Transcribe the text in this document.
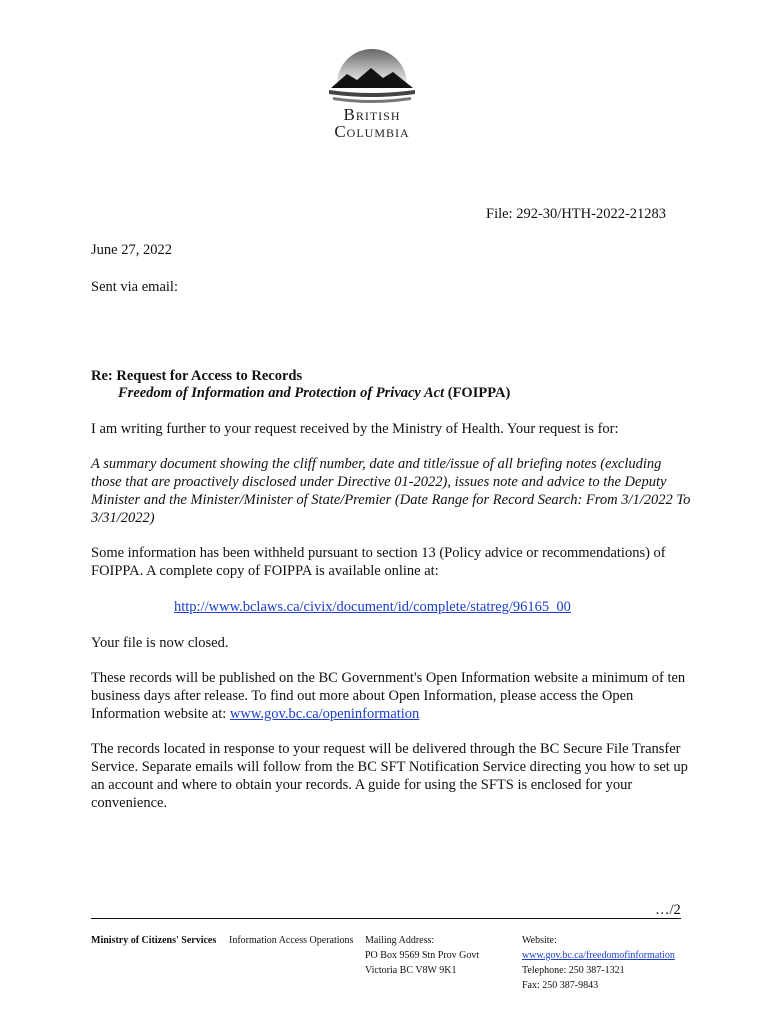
British
Columbia
File: 292-30/HTH-2022-21283
June 27, 2022
Sent via email:
Re: Request for Access to Records
Freedom of Information and Protection of Privacy Act (FOIPPA)
I am writing further to your request received by the Ministry of Health. Your request is for:
A summary document showing the cliff number, date and title/issue of all briefing notes (excluding those that are proactively disclosed under Directive 01-2022), issues note and advice to the Deputy Minister and the Minister/Minister of State/Premier (Date Range for Record Search: From 3/1/2022 To 3/31/2022)
Some information has been withheld pursuant to section 13 (Policy advice or recommendations) of FOIPPA. A complete copy of FOIPPA is available online at:
http://www.bclaws.ca/civix/document/id/complete/statreg/96165_00
Your file is now closed.
These records will be published on the BC Government's Open Information website a minimum of ten business days after release. To find out more about Open Information, please access the Open Information website at: www.gov.bc.ca/openinformation
The records located in response to your request will be delivered through the BC Secure File Transfer Service. Separate emails will follow from the BC SFT Notification Service directing you how to set up an account and where to obtain your records. A guide for using the SFTS is enclosed for your convenience.
…/2
Ministry of Citizens' Services Information Access Operations Mailing Address:
PO Box 9569 Stn Prov Govt
Victoria BC V8W 9K1
Website:
www.gov.bc.ca/freedomofinformation
Telephone: 250 387-1321
Fax: 250 387-9843
